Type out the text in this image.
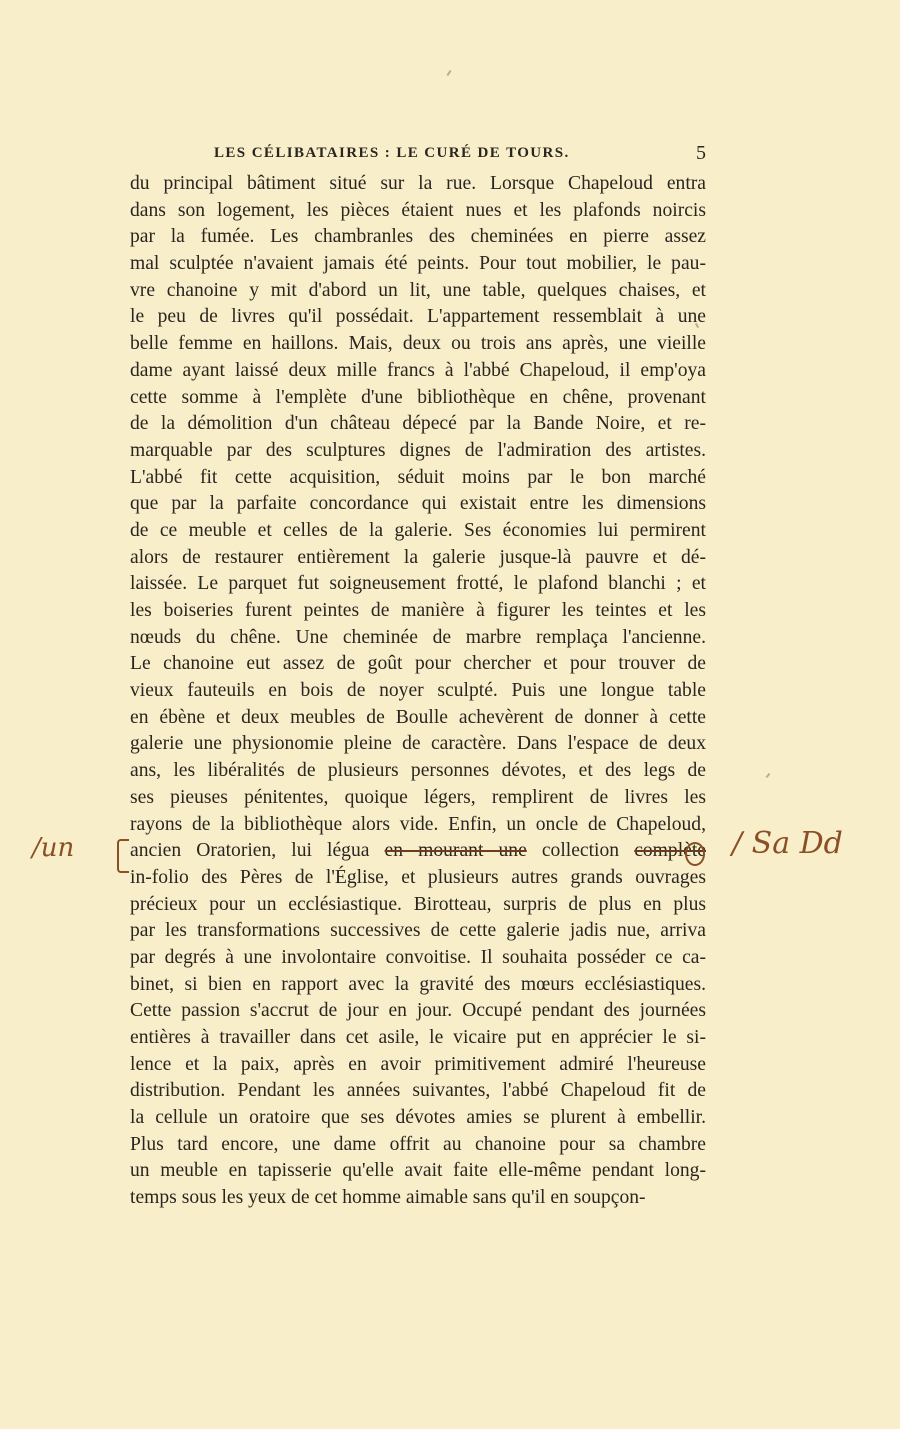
LES CÉLIBATAIRES : LE CURÉ DE TOURS.	5
du principal bâtiment situé sur la rue. Lorsque Chapeloud entra
dans son logement, les pièces étaient nues et les plafonds noircis
par la fumée. Les chambranles des cheminées en pierre assez
mal sculptée n'avaient jamais été peints. Pour tout mobilier, le pau-
vre chanoine y mit d'abord un lit, une table, quelques chaises, et
le peu de livres qu'il possédait. L'appartement ressemblait à une
belle femme en haillons. Mais, deux ou trois ans après, une vieille
dame ayant laissé deux mille francs à l'abbé Chapeloud, il emp'oya
cette somme à l'emplète d'une bibliothèque en chêne, provenant
de la démolition d'un château dépecé par la Bande Noire, et re-
marquable par des sculptures dignes de l'admiration des artistes.
L'abbé fit cette acquisition, séduit moins par le bon marché
que par la parfaite concordance qui existait entre les dimensions
de ce meuble et celles de la galerie. Ses économies lui permirent
alors de restaurer entièrement la galerie jusque-là pauvre et dé-
laissée. Le parquet fut soigneusement frotté, le plafond blanchi ; et
les boiseries furent peintes de manière à figurer les teintes et les
nœuds du chêne. Une cheminée de marbre remplaça l'ancienne.
Le chanoine eut assez de goût pour chercher et pour trouver de
vieux fauteuils en bois de noyer sculpté. Puis une longue table
en ébène et deux meubles de Boulle achevèrent de donner à cette
galerie une physionomie pleine de caractère. Dans l'espace de deux
ans, les libéralités de plusieurs personnes dévotes, et des legs de
ses pieuses pénitentes, quoique légers, remplirent de livres les
rayons de la bibliothèque alors vide. Enfin, un oncle de Chapeloud,
ancien Oratorien, lui légua en mourant une collection complète
in-folio des Pères de l'Église, et plusieurs autres grands ouvrages
précieux pour un ecclésiastique. Birotteau, surpris de plus en plus
par les transformations successives de cette galerie jadis nue, arriva
par degrés à une involontaire convoitise. Il souhaita posséder ce ca-
binet, si bien en rapport avec la gravité des mœurs ecclésiastiques.
Cette passion s'accrut de jour en jour. Occupé pendant des journées
entières à travailler dans cet asile, le vicaire put en apprécier le si-
lence et la paix, après en avoir primitivement admiré l'heureuse
distribution. Pendant les années suivantes, l'abbé Chapeloud fit de
la cellule un oratoire que ses dévotes amies se plurent à embellir.
Plus tard encore, une dame offrit au chanoine pour sa chambre
un meuble en tapisserie qu'elle avait faite elle-même pendant long-
temps sous les yeux de cet homme aimable sans qu'il en soupçon-
/un	/ Sa Dd
